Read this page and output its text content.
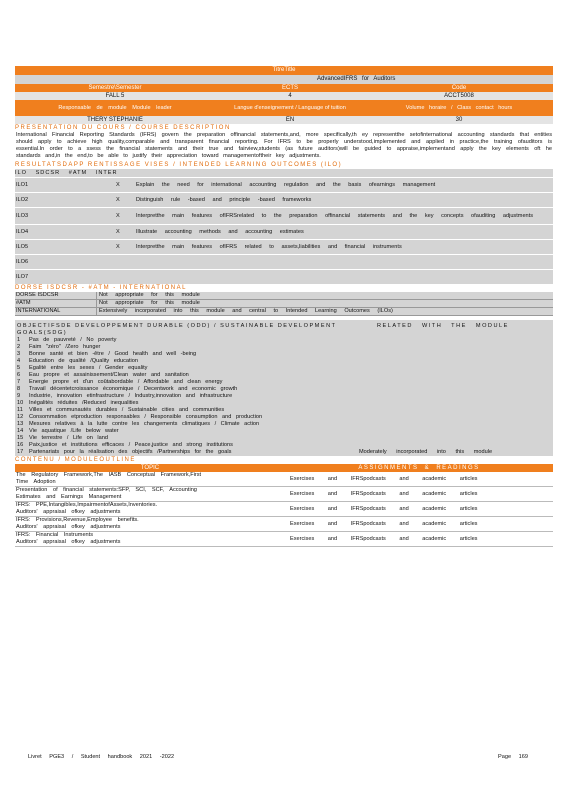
TitreTitle
AdvancedIFRS for Auditors
Semestre\Semester	ECTS	Code
FALL 5	4	ACCT5008
Responsable de module Module leader	Langue d'enseignement / Language of tuition	Volume horaire / Class contact hours
THERY STEPHANIE	EN	30
PRESENTATION DU COURS / COURSE DESCRIPTION
International Financial Reporting Standards (IFRS) govern the preparation offinancial statements,and, more specifically,th ey representthe setofinternational accounting standards that entities should apply to achieve high quality,comparable and transparent financial reporting. For IFRS to be properly understood,implemented and applied in practice,the training ofauditors is essential.In order to a ssess the financial statements and their true and fairview,students (as future auditors)will be guided to appraise,implementand apply the key elements oft he standards and,in the end,to be able to justify their appreciation toward managementoftheir key adjustments.
RESULTATSDAPP RENTISSAGE VISES / INTENDED LEARNING OUTCOMES (ILO)
ILO SDCSR #ATM INTER
ILO1	X	Explain the need for international accounting regulation and the basis ofearnings management
ILO2	X	Distinguish rule -based and principle -based frameworks
ILO3	X	Interpretthe main features ofIFRSrelated to the preparation offinancial statements and the key concepts ofauditing adjustments
ILO4	X	Illustrate accounting methods and accounting estimates
ILO5	X	Interpretthe main features ofIFRS related to assets,liabilities and financial instruments
ILO6
ILO7
DORSE ISDCSR - #ATM - INTERNATIONAL
DORSE ISDCSR	Not appropriate for this module
#ATM	Not appropriate for this module
INTERNATIONAL	Extensively incorporated into this module and central to Intended Learning Outcomes (ILOs)
OBJECTIFSDE DEVELOPPEMENT DURABLE (ODD) / SUSTAINABLE DEVELOPMENT GOALS(SDG)
RELATED WITH THE MODULE
1	Pas de pauvreté / No poverty
2	Faim "zéro" /Zero hunger
3	Bonne santé et bien -être / Good health and well -being
4	Education de qualité /Quality education
5	Egalité entre les sexes / Gender equality
6	Eau propre et assainissement/Clean water and sanitation
7	Energie propre et d'un coûtabordable / Affordable and clean energy
8	Travail décentetcroissance économique / Decentwork and economic growth
9	Industrie, innovation etinfrastructure / Industry,innovation and infrastructure
10	Inégalités réduites /Reduced inequalities
11	Villes et communautés durables / Sustainable cities and communities
12	Consommation etproduction responsables / Responsible consumption and production
13	Mesures relatives à la lutte contre les changements climatiques / Climate action
14	Vie aquatique /Life below water
15	Vie terrestre / Life on land
16	Paix,justice et institutions efficaces / Peace,justice and strong institutions
17	Partenariats pour la réalisation des objectifs /Partnerships for the goals	Moderately incorporated into this module
CONTENU / MODULEOUTLINE
TOPIC	ASSIGNMENTS & READINGS
The Regulatory Framework,The IASB Conceptual Framework,First
Time Adoption
Exercises and IFRSpodcasts and academic articles
Presentation of financial statements:SFP, SCI, SCF, Accounting
Estimates and Earnings Management
Exercises and IFRSpodcasts and academic articles
IFRS: PPE,Intangibles,ImpairmentofAssets,Inventories.
Auditors' appraisal ofkey adjustments
Exercises and IFRSpodcasts and academic articles
IFRS: Provisions,Revenue,Employee benefits.
Auditors' appraisal ofkey adjustments
Exercises and IFRSpodcasts and academic articles
IFRS: Financial Instruments
Auditors' appraisal ofkey adjustments
Exercises and IFRSpodcasts and academic articles
Livret PGE3 / Student handbook 2021 -2022	Page 169
